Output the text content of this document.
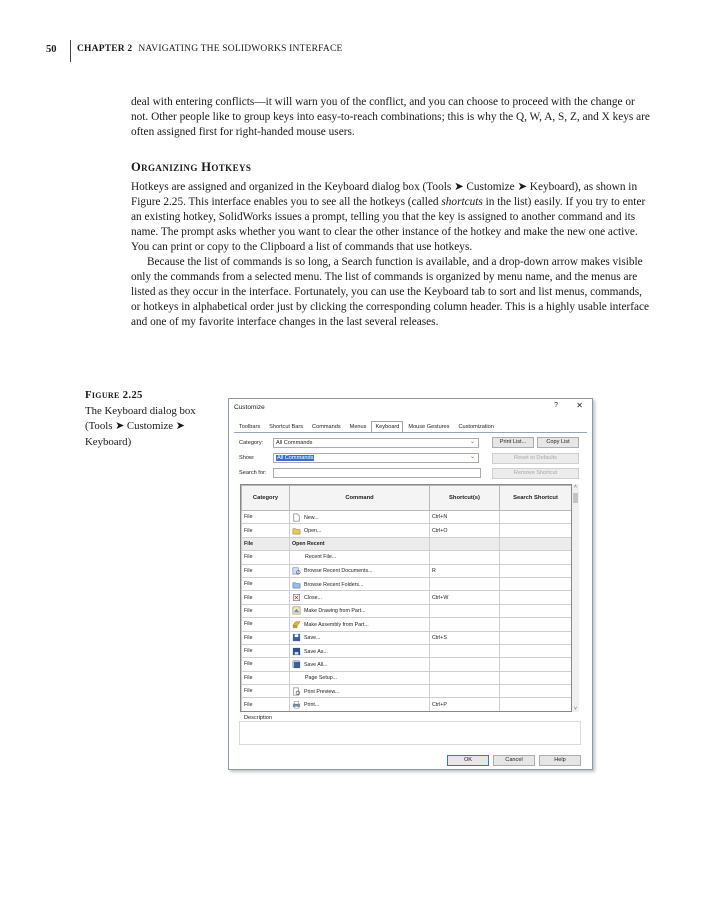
50	CHAPTER 2 NAVIGATING THE SOLIDWORKS INTERFACE

deal with entering conflicts—it will warn you of the conflict, and you can choose to proceed with the change or not. Other people like to group keys into easy-to-reach combinations; this is why the Q, W, A, S, Z, and X keys are often assigned first for right-handed mouse users.

Organizing Hotkeys

Hotkeys are assigned and organized in the Keyboard dialog box (Tools ➤ Customize ➤ Keyboard), as shown in Figure 2.25. This interface enables you to see all the hotkeys (called shortcuts in the list) easily. If you try to enter an existing hotkey, SolidWorks issues a prompt, telling you that the key is assigned to another command and its name. The prompt asks whether you want to clear the other instance of the hotkey and make the new one active. You can print or copy to the Clipboard a list of commands that use hotkeys.

Because the list of commands is so long, a Search function is available, and a drop-down arrow makes visible only the commands from a selected menu. The list of commands is organized by menu name, and the menus are listed as they occur in the interface. Fortunately, you can use the Keyboard tab to sort and list menus, commands, or hotkeys in alphabetical order just by clicking the corresponding column header. This is a highly usable interface and one of my favorite interface changes in the last several releases.

Figure 2.25
The Keyboard dialog box (Tools ➤ Customize ➤ Keyboard)
Customize	? ✕
Toolbars	Shortcut Bars	Commands	Menus	Keyboard	Mouse Gestures	Customization
Category:	All Commands	⌄
Show:	All Commands	⌄
Search for:
Print List...	Copy List
Reset to Defaults
Remove Shortcut
Category	Command	Shortcut(s)	Search Shortcut
File	New...	Ctrl+N	
File	Open...	Ctrl+O	
File	Open Recent		
File	Recent File...		
File	Browse Recent Documents...	R	
File	Browse Recent Folders...		
File	Close...	Ctrl+W	
File	Make Drawing from Part...		
File	Make Assembly from Part...		
File	Save...	Ctrl+S	
File	Save As...		
File	Save All...		
File	Page Setup...		
File	Print Preview...		
File	Print...	Ctrl+P	
˄
˅
Description
OK	Cancel	Help
